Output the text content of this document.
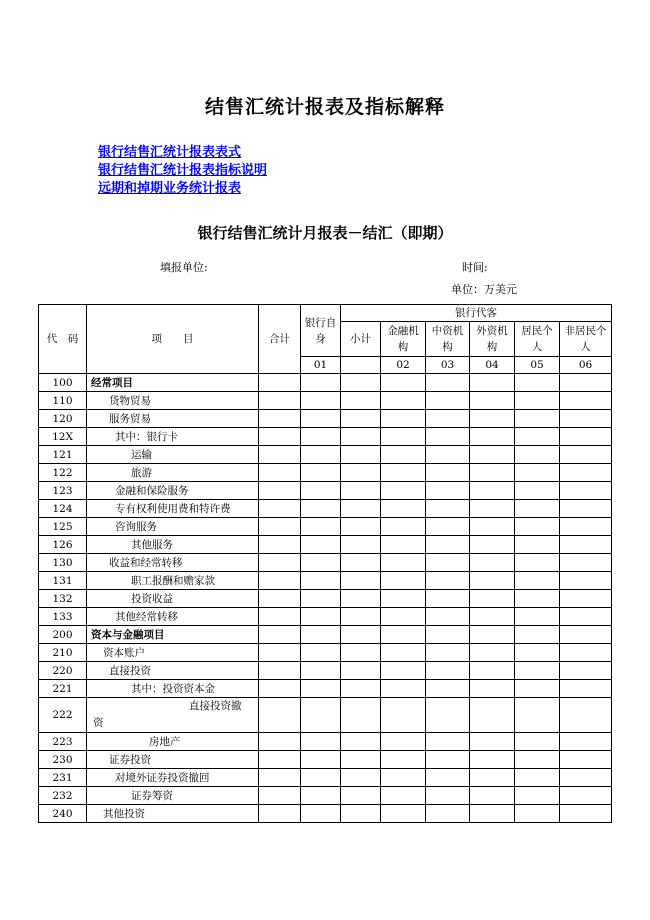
结售汇统计报表及指标解释
银行结售汇统计报表表式
银行结售汇统计报表指标说明
远期和掉期业务统计报表
银行结售汇统计月报表－结汇（即期）
填报单位:	时间:
单位：万美元
代　码	项　　目	合计	银行自身	银行代客					
				小计	金融机构	中资机构	外资机构	居民个人	非居民个人
			01		02	03	04	05	06
100	经常项目								
110	货物贸易								
120	服务贸易								
12X	其中：银行卡								
121	运输								
122	旅游								
123	金融和保险服务								
124	专有权利使用费和特许费								
125	咨询服务								
126	其他服务								
130	收益和经常转移								
131	职工报酬和赡家款								
132	投资收益								
133	其他经常转移								
200	资本与金融项目								
210	资本账户								
220	直接投资								
221	其中：投资资本金								
222	直接投资撤
资								

223	房地产								
230	证券投资								
231	对境外证券投资撤回								
232	证券筹资								
240	其他投资								
